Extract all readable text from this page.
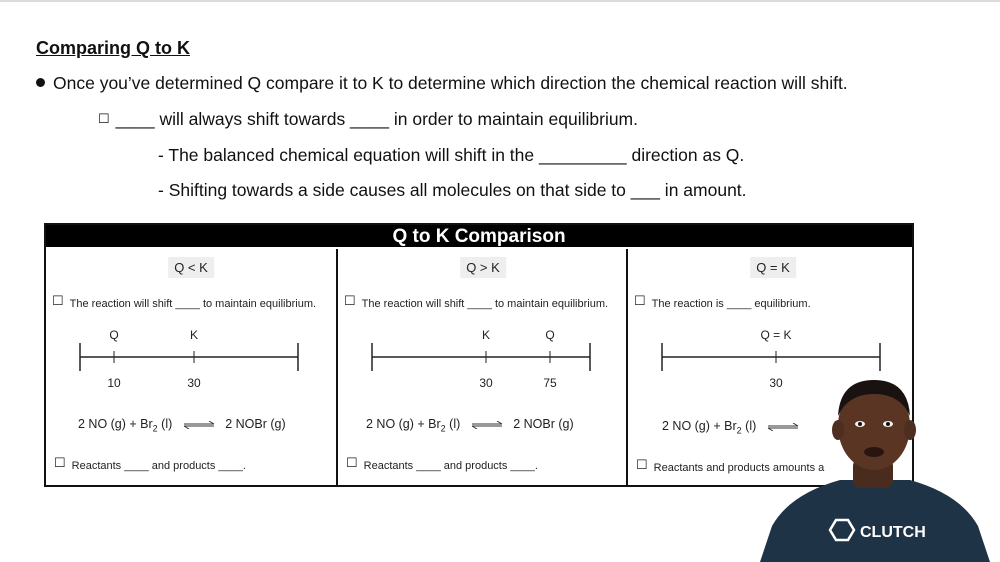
Comparing Q to K
Once you’ve determined Q compare it to K to determine which direction the chemical reaction will shift.
☐ ____ will always shift towards ____ in order to maintain equilibrium.
- The balanced chemical equation will shift in the _________ direction as Q.
- Shifting towards a side causes all molecules on that side to ___ in amount.
Q to K Comparison
Q < K
☐ The reaction will shift ____ to maintain equilibrium.
Q	K
10	30
2 NO $(g) + Br_2$ (l) ⇌ 2 NOBr (g)
☐ Reactants ____ and products ____.
Q > K
☐ The reaction will shift ____ to maintain equilibrium.
K	Q
30	75
2 NO $(g) + Br_2$ (l) ⇌ 2 NOBr (g)
☐ Reactants ____ and products ____.
Q = K
☐ The reaction is ____ equilibrium.
Q = K
30
2 NO $(g) + Br_2$ (l) ⇌
☐ Reactants and products amounts a
CLUTCH
